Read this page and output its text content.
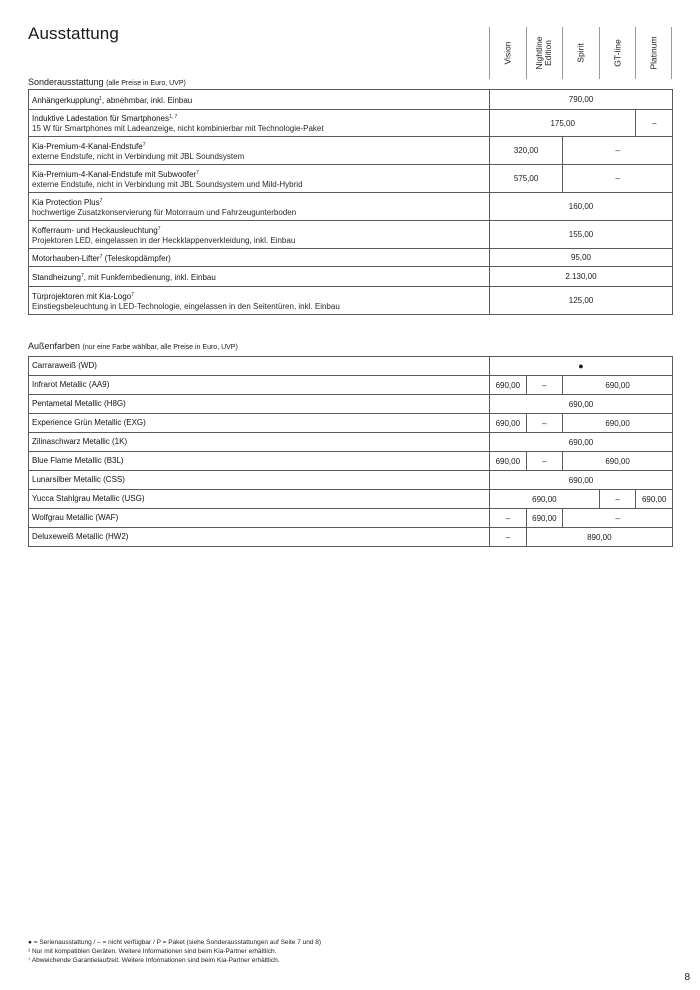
Ausstattung
Vision	Nightline
Edition	Spirit	GT-line	Platinum
Sonderausstattung (alle Preise in Euro, UVP)
Anhängerkupplung$^1$, abnehmbar, inkl. Einbau	790,00		

Induktive Ladestation für Smartphones$^{1, 7}$
15 W für Smartphones mit Ladeanzeige, nicht kombinierbar mit Technologie-Paket	175,00		–

Kia-Premium-4-Kanal-Endstufe$^7$
externe Endstufe, nicht in Verbindung mit JBL Soundsystem	320,00	–	

Kia-Premium-4-Kanal-Endstufe mit Subwoofer$^7$
externe Endstufe, nicht in Verbindung mit JBL Soundsystem und Mild-Hybrid	575,00	–	

Kia Protection Plus$^7$
hochwertige Zusatzkonservierung für Motorraum und Fahrzeugunterboden	160,00		

Kofferraum- und Heckausleuchtung$^7$
Projektoren LED, eingelassen in der Heckklappenverkleidung, inkl. Einbau	155,00		

Motorhauben-Lifter$^7$ (Teleskopdämpfer)	95,00		

Standheizung$^7$, mit Funkfernbedienung, inkl. Einbau	2.130,00		

Türprojektoren mit Kia-Logo$^7$
Einstiegsbeleuchtung in LED-Technologie, eingelassen in den Seitentüren, inkl. Einbau	125,00		
Außenfarben (nur eine Farbe wählbar, alle Preise in Euro, UVP)
Carraraweiß (WD)	●				

Infrarot Metallic (AA9)	690,00	–	690,00		

Pentametal Metallic (H8G)	690,00				

Experience Grün Metallic (EXG)	690,00	–	690,00		

Zilinaschwarz Metallic (1K)	690,00				

Blue Flame Metallic (B3L)	690,00	–	690,00		

Lunarsilber Metallic (CSS)	690,00				

Yucca Stahlgrau Metallic (USG)	690,00			–	690,00

Wolfgrau Metallic (WAF)	–	690,00	–		

Deluxeweiß Metallic (HW2)	–	890,00			
● = Serienausstattung / – = nicht verfügbar / P = Paket (siehe Sonderausstattungen auf Seite 7 und 8)
¹ Nur mit kompatiblen Geräten. Weitere Informationen sind beim Kia-Partner erhältlich.
⁷ Abweichende Garantielaufzeit. Weitere Informationen sind beim Kia-Partner erhältlich.
8
